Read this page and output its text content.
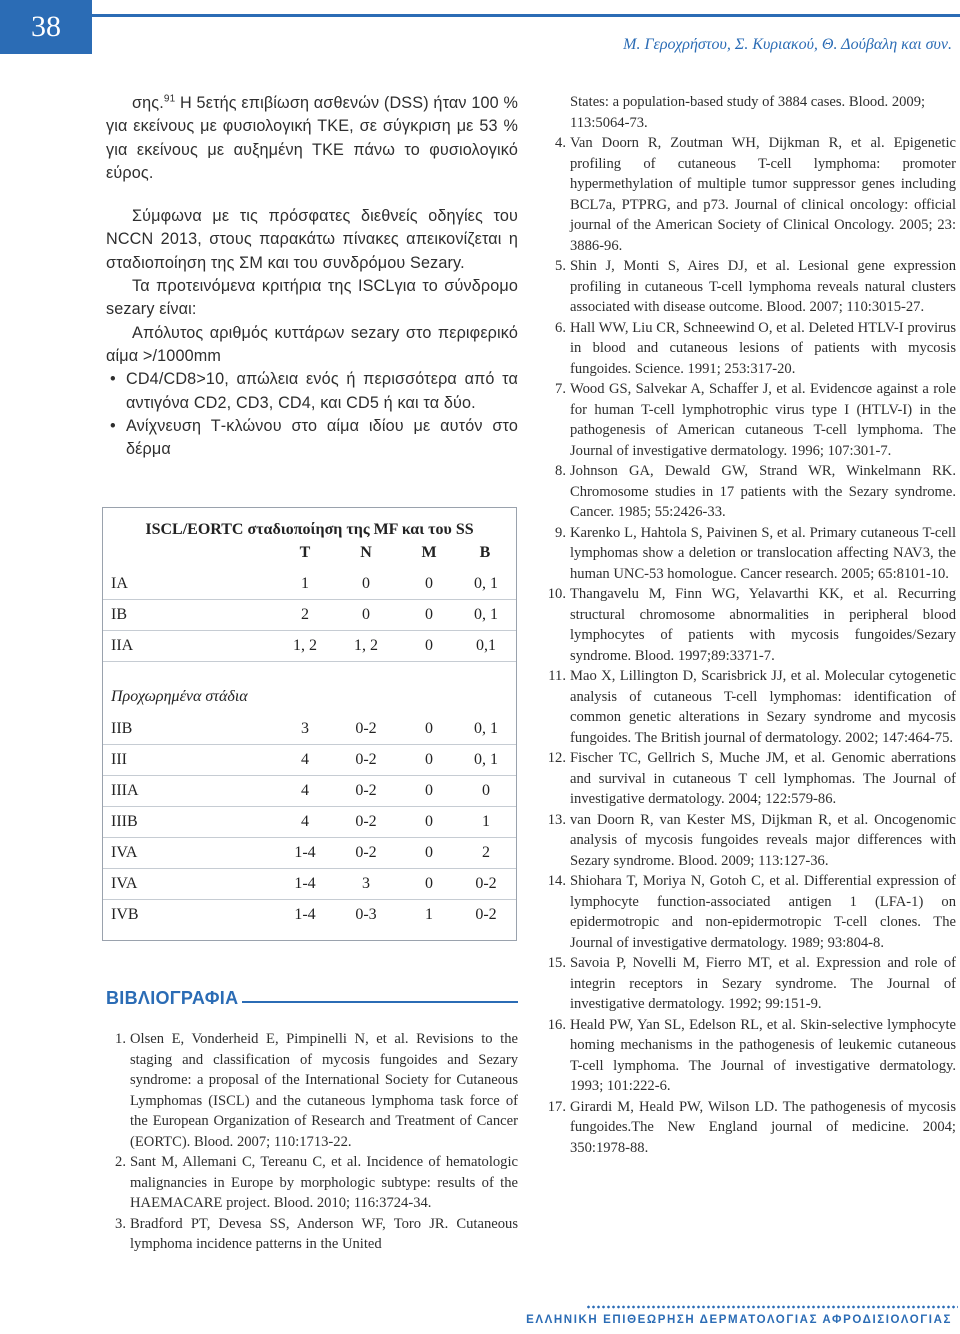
38
Μ. Γεροχρήστου, Σ. Κυριακού, Θ. Δούβαλη και συν.

σης.$^{91}$ Η 5ετής επιβίωση ασθενών (DSS) ήταν 100 % για εκείνους με φυσιολογική ΤΚΕ, σε σύγκριση με 53 % για εκείνους με αυξημένη ΤΚΕ πάνω το φυσιολογικό εύρος.

Σύμφωνα με τις πρόσφατες διεθνείς οδηγίες του NCCN 2013, στους παρακάτω πίνακες απεικονίζεται η σταδιοποίηση της ΣΜ και του συνδρόμου Sezary.

Τα προτεινόμενα κριτήρια της ISCLγια το σύνδρομο sezary είναι:

Απόλυτος αριθμός κυττάρων sezary στο περιφερικό αίμα >/1000mm

• CD4/CD8>10, απώλεια ενός ή περισσότερα από τα αντιγόνα CD2, CD3, CD4, και CD5 ή και τα δύο.
• Ανίχνευση Τ-κλώνου στο αίμα ιδίου με αυτόν στο δέρμα
ISCL/EORTC σταδιοποίηση της MF και του SS
T	N	M	B
IA	1	0	0	0, 1
IB	2	0	0	0, 1
IIA	1, 2	1, 2	0	0,1
Προχωρημένα στάδια
IIB	3	0-2	0	0, 1
III	4	0-2	0	0, 1
IIIA	4	0-2	0	0
IIIB	4	0-2	0	1
IVA	1-4	0-2	0	2
IVA	1-4	3	0	0-2
IVB	1-4	0-3	1	0-2
ΒΙΒΛΙΟΓΡΑΦΙΑ
1. Olsen E, Vonderheid E, Pimpinelli N, et al. Revisions to the staging and classification of mycosis fungoides and Sezary syndrome: a proposal of the International Society for Cutaneous Lymphomas (ISCL) and the cutaneous lymphoma task force of the European Organization of Research and Treatment of Cancer (EORTC). Blood. 2007; 110:1713-22.
2. Sant M, Allemani C, Tereanu C, et al. Incidence of hematologic malignancies in Europe by morphologic subtype: results of the HAEMACARE project. Blood. 2010; 116:3724-34.
3. Bradford PT, Devesa SS, Anderson WF, Toro JR. Cutaneous lymphoma incidence patterns in the United
States: a population-based study of 3884 cases. Blood. 2009; 113:5064-73.
4. Van Doorn R, Zoutman WH, Dijkman R, et al. Epigenetic profiling of cutaneous T-cell lymphoma: promoter hypermethylation of multiple tumor suppressor genes including BCL7a, PTPRG, and p73. Journal of clinical oncology: official journal of the American Society of Clinical Oncology. 2005; 23: 3886-96.
5. Shin J, Monti S, Aires DJ, et al. Lesional gene expression profiling in cutaneous T-cell lymphoma reveals natural clusters associated with disease outcome. Blood. 2007; 110:3015-27.
6. Hall WW, Liu CR, Schneewind O, et al. Deleted HTLV-I provirus in blood and cutaneous lesions of patients with mycosis fungoides. Science. 1991; 253:317-20.
7. Wood GS, Salvekar A, Schaffer J, et al. Evidencσe against a role for human T-cell lymphotrophic virus type I (HTLV-I) in the pathogenesis of American cutaneous T-cell lymphoma. The Journal of investigative dermatology. 1996; 107:301-7.
8. Johnson GA, Dewald GW, Strand WR, Winkelmann RK. Chromosome studies in 17 patients with the Sezary syndrome. Cancer. 1985; 55:2426-33.
9. Karenko L, Hahtola S, Paivinen S, et al. Primary cutaneous T-cell lymphomas show a deletion or translocation affecting NAV3, the human UNC-53 homologue. Cancer research. 2005; 65:8101-10.
10. Thangavelu M, Finn WG, Yelavarthi KK, et al. Recurring structural chromosome abnormalities in peripheral blood lymphocytes of patients with mycosis fungoides/Sezary syndrome. Blood. 1997;89:3371-7.
11. Mao X, Lillington D, Scarisbrick JJ, et al. Molecular cytogenetic analysis of cutaneous T-cell lymphomas: identification of common genetic alterations in Sezary syndrome and mycosis fungoides. The British journal of dermatology. 2002; 147:464-75.
12. Fischer TC, Gellrich S, Muche JM, et al. Genomic aberrations and survival in cutaneous T cell lymphomas. The Journal of investigative dermatology. 2004; 122:579-86.
13. van Doorn R, van Kester MS, Dijkman R, et al. Oncogenomic analysis of mycosis fungoides reveals major differences with Sezary syndrome. Blood. 2009; 113:127-36.
14. Shiohara T, Moriya N, Gotoh C, et al. Differential expression of lymphocyte function-associated antigen 1 (LFA-1) on epidermotropic and non-epidermotropic T-cell clones. The Journal of investigative dermatology. 1989; 93:804-8.
15. Savoia P, Novelli M, Fierro MT, et al. Expression and role of integrin receptors in Sezary syndrome. The Journal of investigative dermatology. 1992; 99:151-9.
16. Heald PW, Yan SL, Edelson RL, et al. Skin-selective lymphocyte homing mechanisms in the pathogenesis of leukemic cutaneous T-cell lymphoma. The Journal of investigative dermatology. 1993; 101:222-6.
17. Girardi M, Heald PW, Wilson LD. The pathogenesis of mycosis fungoides.The New England journal of medicine. 2004; 350:1978-88.
ΕΛΛΗΝΙΚΗ ΕΠΙΘΕΩΡΗΣΗ ΔΕΡΜΑΤΟΛΟΓΙΑΣ ΑΦΡΟΔΙΣΙΟΛΟΓΙΑΣ
